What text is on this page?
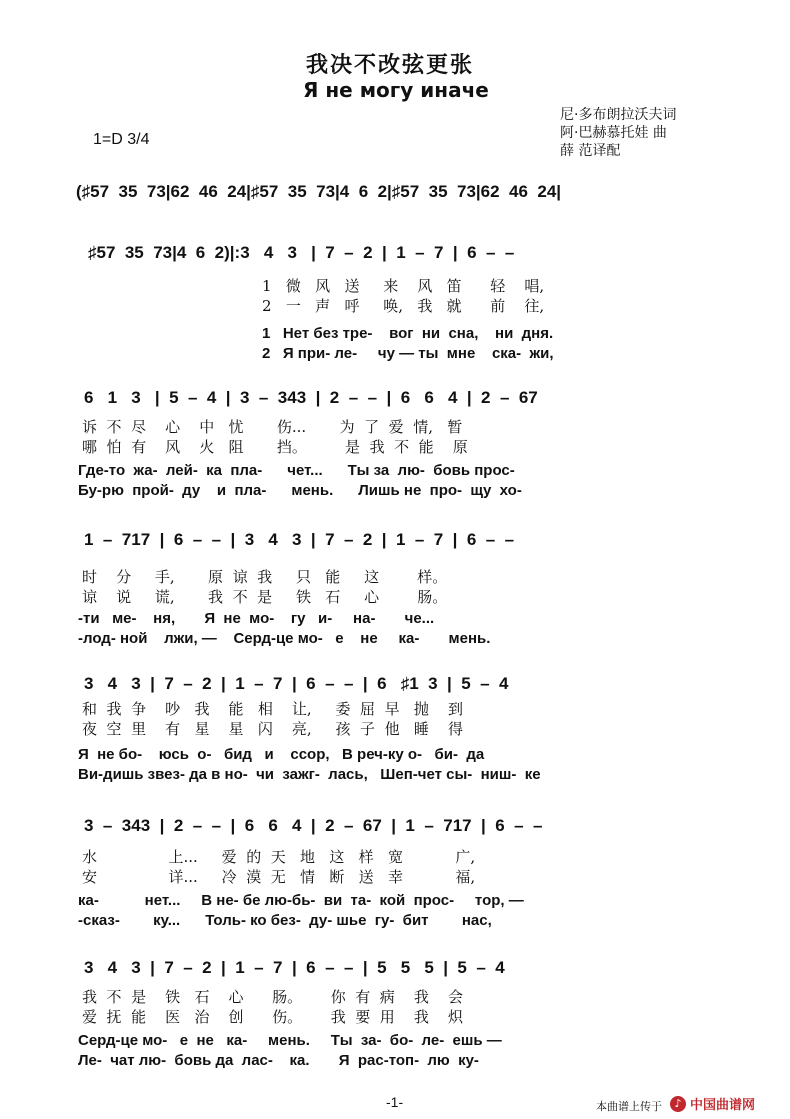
我决不改弦更张
Я не могу иначе
尼·多布朗拉沃夫词
阿·巴赫慕托娃 曲
薛 范译配
1=D 3/4
(♯57  35  73|62  46  24|♯57  35  73|4  6  2|♯57  35  73|62  46  24|
♯57  35  73|4  6  2)|:3   4   3   |  7  –  2  |  1  –  7  |  6  –  –
1   微   风   送     来    风   笛      轻    唱,
2   一   声   呼     唤,   我   就      前    往,
1   Нет без тре-    вог  ни  сна,    ни  дня.
2   Я при- ле-     чу — ты  мне    ска-  жи,
6   1   3   |  5  –  4  |  3  –  343  |  2  –  –  |  6   6   4  |  2  –  67
诉  不  尽    心    中   忧       伤...       为  了  爱  情,   暂
哪  怕  有    风    火   阻       挡。        是  我  不  能    原
Где-то  жа-  лей-  ка  пла-      чет...      Ты за  лю-  бовь прос-
Бу-рю  прой-  ду    и  пла-      мень.      Лишь не  про-  щу  хо-
1  –  717  |  6  –  –  |  3   4   3  |  7  –  2  |  1  –  7  |  6  –  –
时    分     手,       原  谅  我     只   能     这        样。
谅    说     谎,       我  不  是     铁   石     心        肠。
-ти   ме-    ня,       Я  не  мо-    гу   и-     на-       че...
-лод- ной    лжи, —    Серд-це мо-   е    не     ка-       мень.
3   4   3  |  7  –  2  |  1  –  7  |  6  –  –  |  6   ♯1  3  |  5  –  4
和  我  争    吵   我    能   相    让,     委  屈  早   抛    到
夜  空  里    有   星    星   闪    亮,     孩  子  他   睡    得
Я  не бо-    юсь  о-   бид   и    ссор,   В реч-ку о-   би-  да
Ви-дишь звез- да в но-  чи  зажг-  лась,   Шеп-чет сы-  ниш-  ке
3  –  343  |  2  –  –  |  6   6   4  |  2  –  67  |  1  –  717  |  6  –  –
水               上...     爱  的  天   地   这   样   宽           广,
安               详...     冷  漠  无   情   断   送   幸           福,
ка-           нет...     В не- бе лю-бь-  ви  та-  кой  прос-     тор, —
-сказ-        ку...      Толь- ко без-  ду- шье  гу-  бит        нас,
3   4   3  |  7  –  2  |  1  –  7  |  6  –  –  |  5   5   5  |  5  –  4
我  不  是    铁   石    心      肠。      你  有  病    我    会
爱  抚  能    医   治    创      伤。      我  要  用    我    炽
Серд-це мо-   е  не   ка-     мень.     Ты  за-  бо-  ле-  ешь —
Ле-  чат лю-  бовь да  лас-    ка.       Я  рас-топ-  лю  ку-
-1-	本曲谱上传于	♪ 中国曲谱网
